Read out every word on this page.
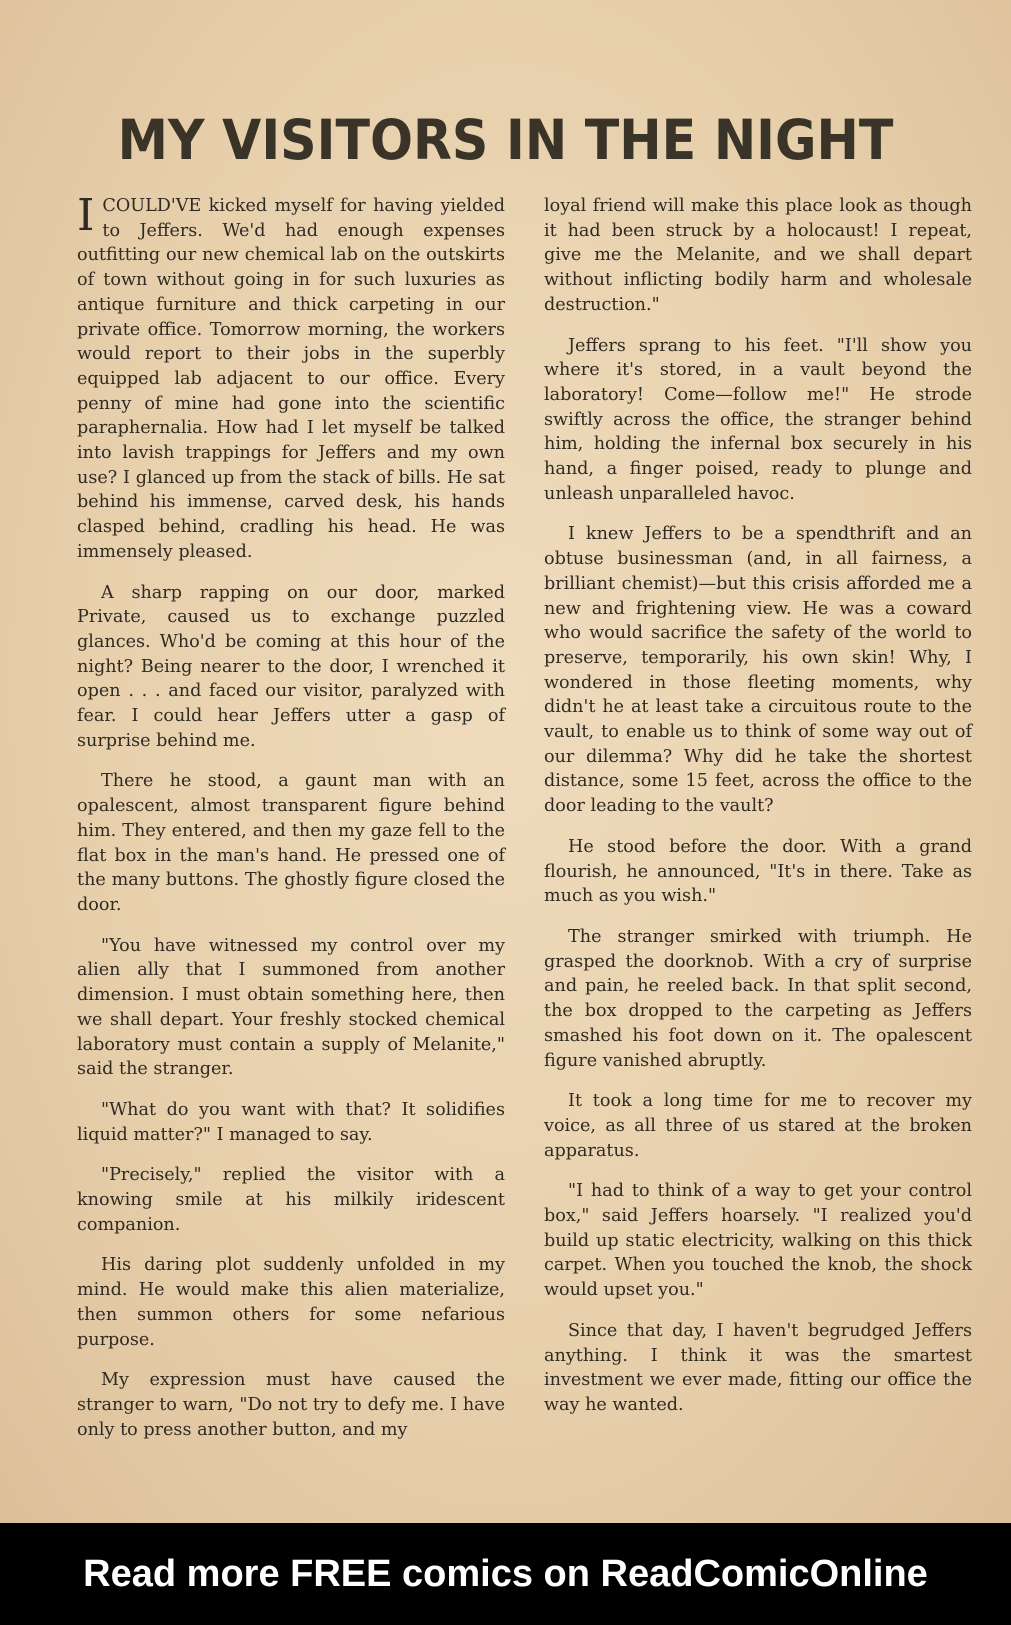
MY VISITORS IN THE NIGHT

ICOULD'VE kicked myself for having yielded to Jeffers. We'd had enough expenses outfitting our new chemical lab on the outskirts of town without going in for such luxuries as antique furniture and thick carpeting in our private office. Tomorrow morning, the workers would report to their jobs in the superbly equipped lab adjacent to our office. Every penny of mine had gone into the scientific paraphernalia. How had I let myself be talked into lavish trappings for Jeffers and my own use? I glanced up from the stack of bills. He sat behind his immense, carved desk, his hands clasped behind, cradling his head. He was immensely pleased.

A sharp rapping on our door, marked Private, caused us to exchange puzzled glances. Who'd be coming at this hour of the night? Being nearer to the door, I wrenched it open . . . and faced our visitor, paralyzed with fear. I could hear Jeffers utter a gasp of surprise behind me.

There he stood, a gaunt man with an opalescent, almost transparent figure behind him. They entered, and then my gaze fell to the flat box in the man's hand. He pressed one of the many buttons. The ghostly figure closed the door.

"You have witnessed my control over my alien ally that I summoned from another dimension. I must obtain something here, then we shall depart. Your freshly stocked chemical laboratory must contain a supply of Melanite," said the stranger.

"What do you want with that? It solidifies liquid matter?" I managed to say.

"Precisely," replied the visitor with a knowing smile at his milkily iridescent companion.

His daring plot suddenly unfolded in my mind. He would make this alien materialize, then summon others for some nefarious purpose.

My expression must have caused the stranger to warn, "Do not try to defy me. I have only to press another button, and my

loyal friend will make this place look as though it had been struck by a holocaust! I repeat, give me the Melanite, and we shall depart without inflicting bodily harm and wholesale destruction."

Jeffers sprang to his feet. "I'll show you where it's stored, in a vault beyond the laboratory! Come—follow me!" He strode swiftly across the office, the stranger behind him, holding the infernal box securely in his hand, a finger poised, ready to plunge and unleash unparalleled havoc.

I knew Jeffers to be a spendthrift and an obtuse businessman (and, in all fairness, a brilliant chemist)—but this crisis afforded me a new and frightening view. He was a coward who would sacrifice the safety of the world to preserve, temporarily, his own skin! Why, I wondered in those fleeting moments, why didn't he at least take a circuitous route to the vault, to enable us to think of some way out of our dilemma? Why did he take the shortest distance, some 15 feet, across the office to the door leading to the vault?

He stood before the door. With a grand flourish, he announced, "It's in there. Take as much as you wish."

The stranger smirked with triumph. He grasped the doorknob. With a cry of surprise and pain, he reeled back. In that split second, the box dropped to the carpeting as Jeffers smashed his foot down on it. The opalescent figure vanished abruptly.

It took a long time for me to recover my voice, as all three of us stared at the broken apparatus.

"I had to think of a way to get your control box," said Jeffers hoarsely. "I realized you'd build up static electricity, walking on this thick carpet. When you touched the knob, the shock would upset you."

Since that day, I haven't begrudged Jeffers anything. I think it was the smartest investment we ever made, fitting our office the way he wanted.

Read more FREE comics on ReadComicOnline
